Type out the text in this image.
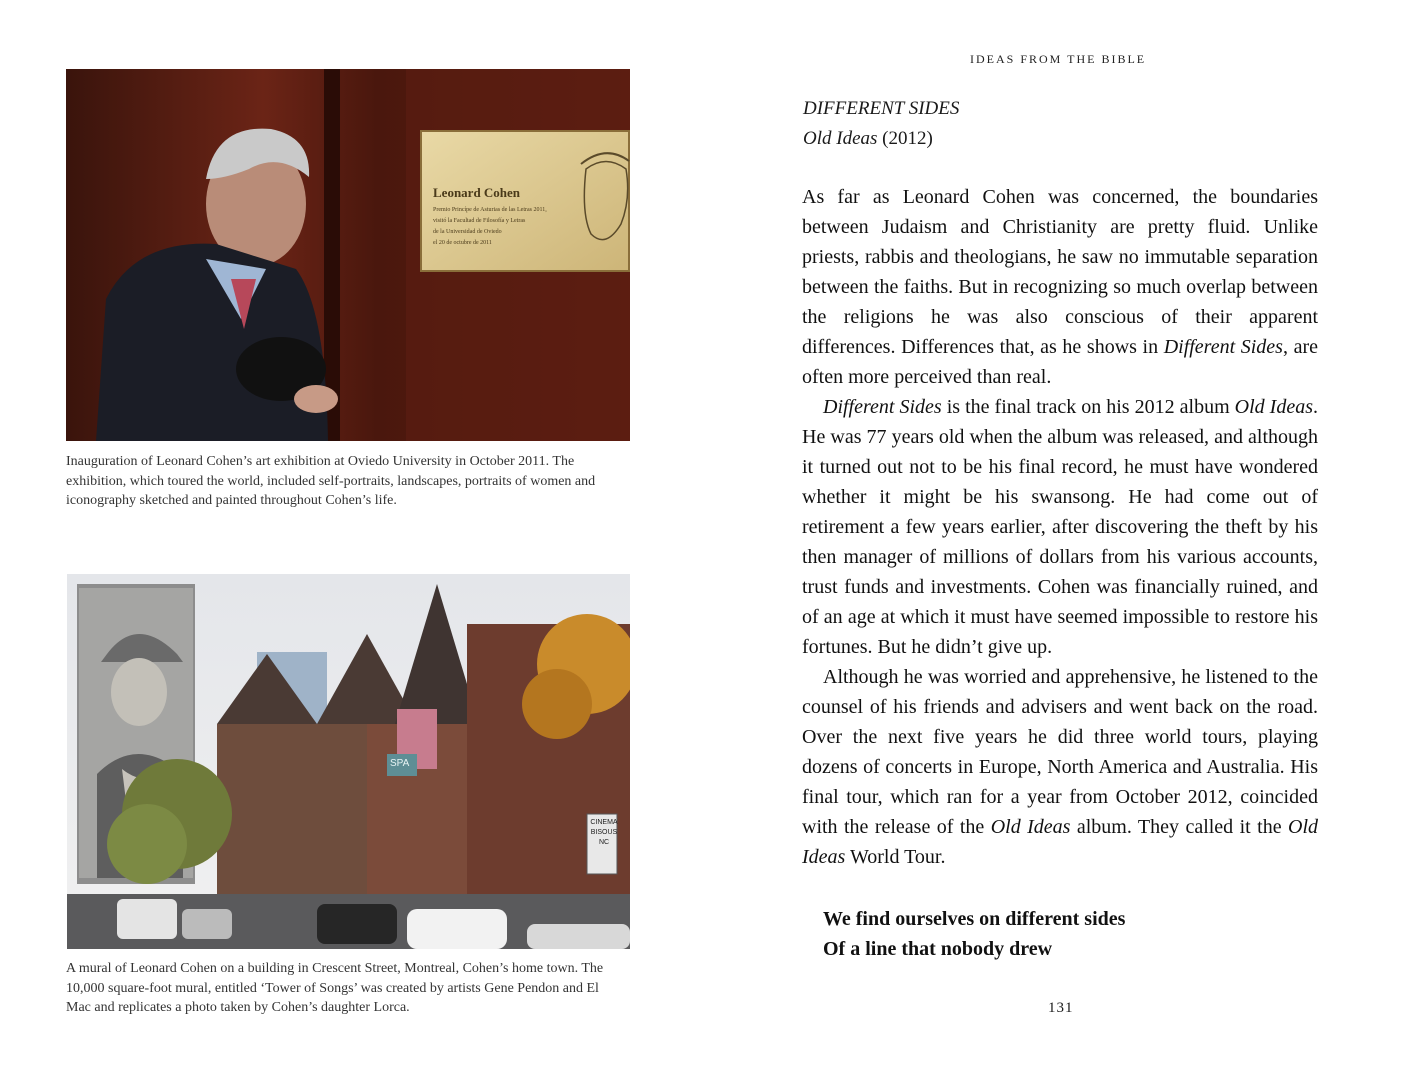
Leonard Cohen
Premio Princípe de Asturias de las Letras 2011,
visitó la Facultad de Filosofía y Letras
de la Universidad de Oviedo
el 20 de octubre de 2011

Inauguration of Leonard Cohen’s art exhibition at Oviedo University in October 2011. The exhibition, which toured the world, included self-portraits, landscapes, portraits of women and iconography sketched and painted throughout Cohen’s life.

SPA
CINEMA
BISOUS
NC

A mural of Leonard Cohen on a building in Crescent Street, Montreal, Cohen’s home town. The 10,000 square-foot mural, entitled ‘Tower of Songs’ was created by artists Gene Pendon and El Mac and replicates a photo taken by Cohen’s daughter Lorca.

IDEAS FROM THE BIBLE

DIFFERENT SIDES

Old Ideas (2012)

As far as Leonard Cohen was concerned, the boundaries between Judaism and Christianity are pretty fluid. Unlike priests, rabbis and theologians, he saw no immutable separation between the faiths. But in recognizing so much overlap between the religions he was also conscious of their apparent differences. Differences that, as he shows in Different Sides, are often more perceived than real.

Different Sides is the final track on his 2012 album Old Ideas. He was 77 years old when the album was released, and although it turned out not to be his final record, he must have wondered whether it might be his swansong. He had come out of retirement a few years earlier, after discovering the theft by his then manager of millions of dollars from his various accounts, trust funds and investments. Cohen was financially ruined, and of an age at which it must have seemed impossible to restore his fortunes. But he didn’t give up.

Although he was worried and apprehensive, he listened to the counsel of his friends and advisers and went back on the road. Over the next five years he did three world tours, playing dozens of concerts in Europe, North America and Australia. His final tour, which ran for a year from October 2012, coincided with the release of the Old Ideas album. They called it the Old Ideas World Tour.

We find ourselves on different sides
Of a line that nobody drew

131
